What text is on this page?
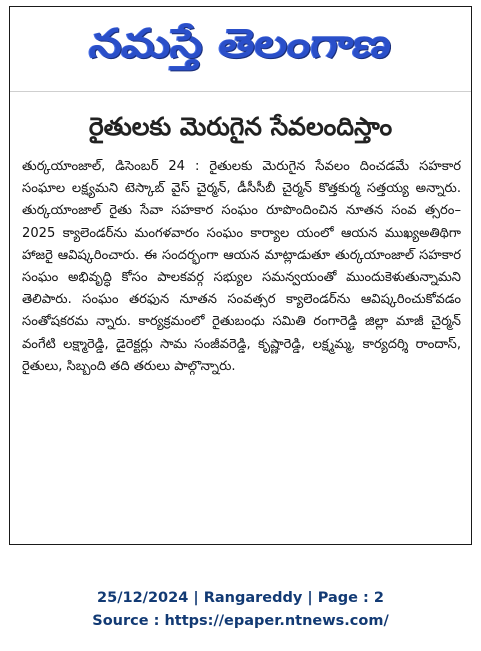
నమస్తే తెలంగాణ
రైతులకు మెరుగైన సేవలందిస్తాం
తుర్కయాంజాల్, డిసెంబర్ 24 : రైతులకు మెరుగైన సేవలం దించడమే సహకార సంఘాల లక్ష్యమని టెస్కాబ్ వైస్ చైర్మన్, డీసీసీబీ చైర్మన్ కొత్తకుర్మ సత్తయ్య అన్నారు. తుర్కయాంజాల్ రైతు సేవా సహకార సంఘం రూపొందించిన నూతన సంవ త్సరం– 2025 క్యాలెండర్‌ను మంగళవారం సంఘం కార్యాల యంలో ఆయన ముఖ్యఅతిథిగా హాజరై ఆవిష్కరించారు. ఈ సందర్భంగా ఆయన మాట్లాడుతూ తుర్కయాంజాల్ సహకార సంఘం అభివృద్ధి కోసం పాలకవర్గ సభ్యుల సమన్వయంతో ముందుకెళుతున్నామని తెలిపారు. సంఘం తరఫున నూతన సంవత్సర క్యాలెండర్‌ను ఆవిష్కరించుకోవడం సంతోషకరమ న్నారు. కార్యక్రమంలో రైతుబంధు సమితి రంగారెడ్డి జిల్లా మాజీ చైర్మన్ వంగేటి లక్ష్మారెడ్డి, డైరెక్టర్లు సామ సంజీవరెడ్డి, కృష్ణారెడ్డి, లక్ష్మమ్మ, కార్యదర్శి రాందాస్, రైతులు, సిబ్బంది తది తరులు పాల్గొన్నారు.
25/12/2024 | Rangareddy | Page : 2
Source : https://epaper.ntnews.com/
